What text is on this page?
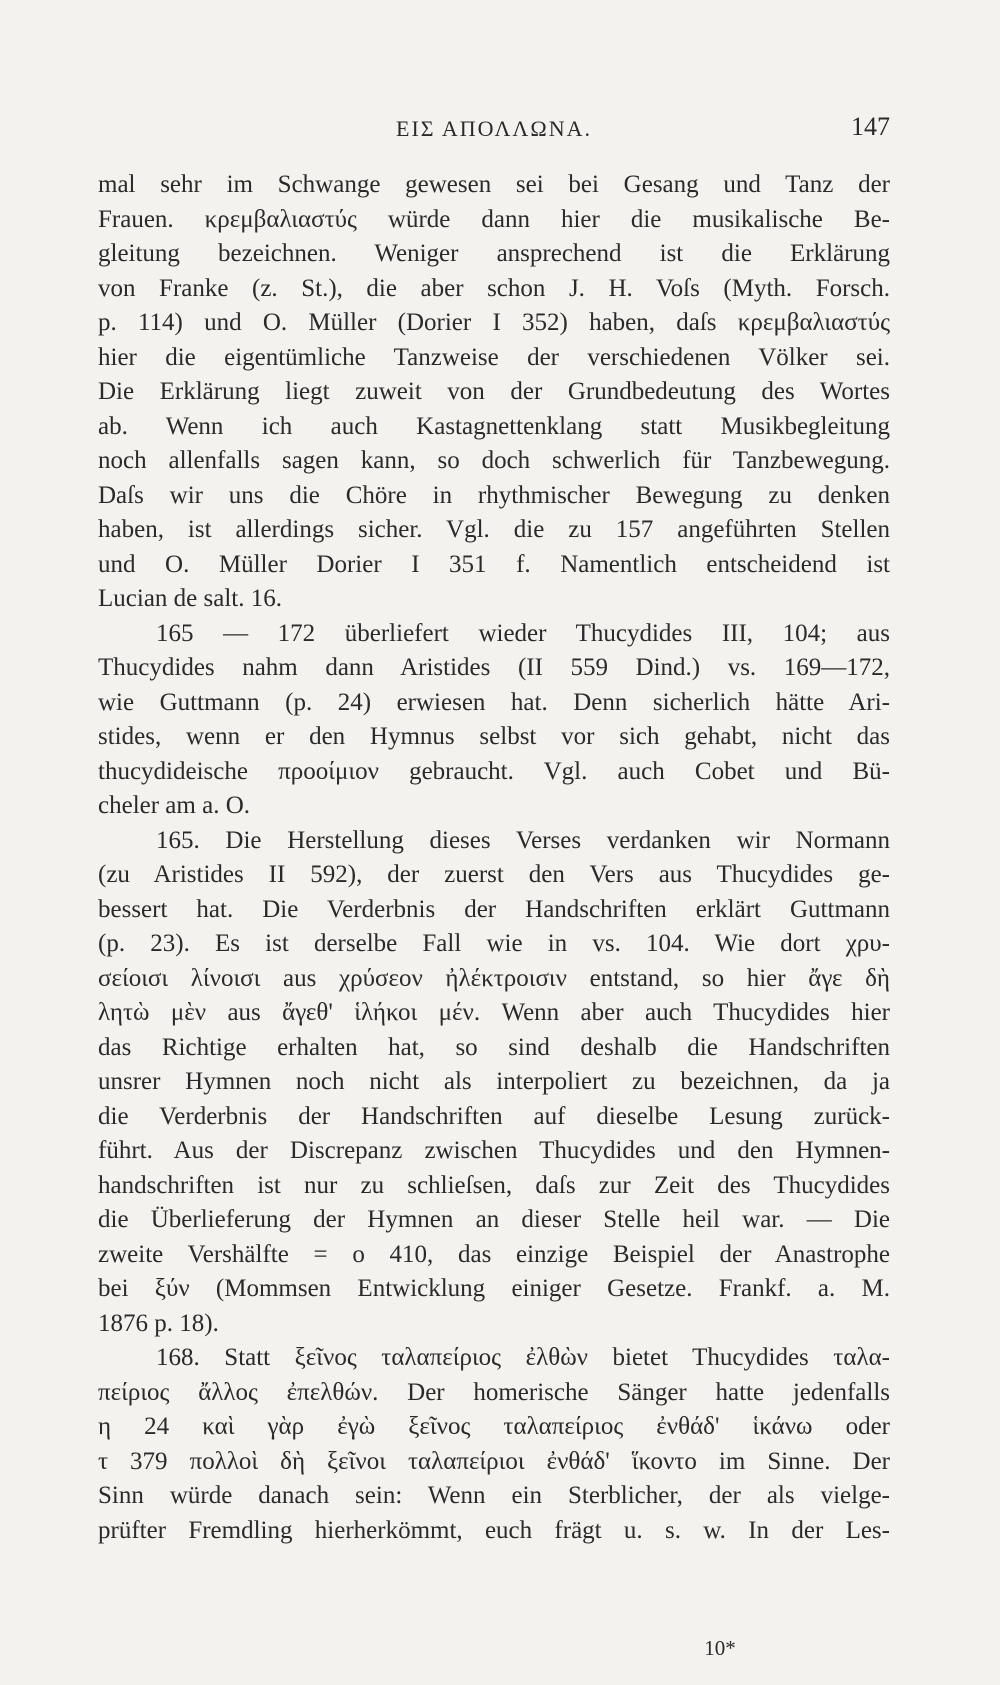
ΕΙΣ ΑΠΟΛΛΩΝΑ.	147
mal sehr im Schwange gewesen sei bei Gesang und Tanz der
Frauen. κρεμβαλιαστύς würde dann hier die musikalische Be-
gleitung bezeichnen. Weniger ansprechend ist die Erklärung
von Franke (z. St.), die aber schon J. H. Voſs (Myth. Forsch.
p. 114) und O. Müller (Dorier I 352) haben, daſs κρεμβαλιαστύς
hier die eigentümliche Tanzweise der verschiedenen Völker sei.
Die Erklärung liegt zuweit von der Grundbedeutung des Wortes
ab. Wenn ich auch Kastagnettenklang statt Musikbegleitung
noch allenfalls sagen kann, so doch schwerlich für Tanzbewegung.
Daſs wir uns die Chöre in rhythmischer Bewegung zu denken
haben, ist allerdings sicher. Vgl. die zu 157 angeführten Stellen
und O. Müller Dorier I 351 f. Namentlich entscheidend ist
Lucian de salt. 16.
165 — 172 überliefert wieder Thucydides III, 104; aus
Thucydides nahm dann Aristides (II 559 Dind.) vs. 169—172,
wie Guttmann (p. 24) erwiesen hat. Denn sicherlich hätte Ari-
stides, wenn er den Hymnus selbst vor sich gehabt, nicht das
thucydideische προοίμιον gebraucht. Vgl. auch Cobet und Bü-
cheler am a. O.
165. Die Herstellung dieses Verses verdanken wir Normann
(zu Aristides II 592), der zuerst den Vers aus Thucydides ge-
bessert hat. Die Verderbnis der Handschriften erklärt Guttmann
(p. 23). Es ist derselbe Fall wie in vs. 104. Wie dort χρυ-
σείοισι λίνοισι aus χρύσεον ἠλέκτροισιν entstand, so hier ἄγε δὴ
λητὼ μὲν aus ἄγεθ' ἱλήκοι μέν. Wenn aber auch Thucydides hier
das Richtige erhalten hat, so sind deshalb die Handschriften
unsrer Hymnen noch nicht als interpoliert zu bezeichnen, da ja
die Verderbnis der Handschriften auf dieselbe Lesung zurück-
führt. Aus der Discrepanz zwischen Thucydides und den Hymnen-
handschriften ist nur zu schlieſsen, daſs zur Zeit des Thucydides
die Überlieferung der Hymnen an dieser Stelle heil war. — Die
zweite Vershälfte = o 410, das einzige Beispiel der Anastrophe
bei ξύν (Mommsen Entwicklung einiger Gesetze. Frankf. a. M.
1876 p. 18).
168. Statt ξεῖνος ταλαπείριος ἐλθὼν bietet Thucydides ταλα-
πείριος ἄλλος ἐπελθών. Der homerische Sänger hatte jedenfalls
η 24 καὶ γὰρ ἐγὼ ξεῖνος ταλαπείριος ἐνθάδ' ἱκάνω oder
τ 379 πολλοὶ δὴ ξεῖνοι ταλαπείριοι ἐνθάδ' ἵκοντο im Sinne. Der
Sinn würde danach sein: Wenn ein Sterblicher, der als vielge-
prüfter Fremdling hierherkömmt, euch frägt u. s. w. In der Les-
10*
